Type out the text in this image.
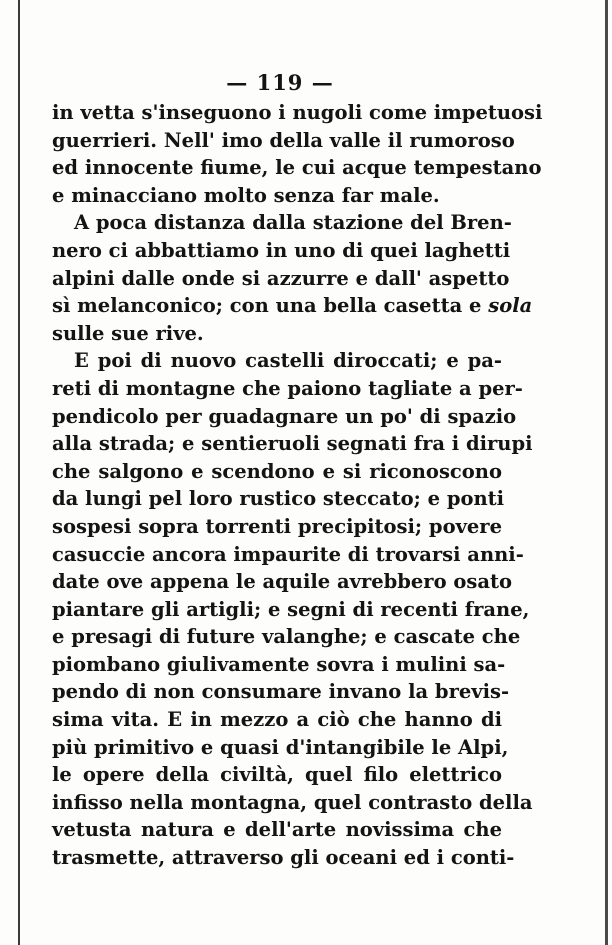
— 119 —

in vetta s'inseguono i nugoli come impetuosi
guerrieri. Nell' imo della valle il rumoroso
ed innocente fiume, le cui acque tempestano
e minacciano molto senza far male.

A poca distanza dalla stazione del Bren-
nero ci abbattiamo in uno di quei laghetti
alpini dalle onde si azzurre e dall' aspetto
sì melanconico; con una bella casetta e sola
sulle sue rive.

E poi di nuovo castelli diroccati; e pa-
reti di montagne che paiono tagliate a per-
pendicolo per guadagnare un po' di spazio
alla strada; e sentieruoli segnati fra i dirupi
che salgono e scendono e si riconoscono
da lungi pel loro rustico steccato; e ponti
sospesi sopra torrenti precipitosi; povere
casuccie ancora impaurite di trovarsi anni-
date ove appena le aquile avrebbero osato
piantare gli artigli; e segni di recenti frane,
e presagi di future valanghe; e cascate che
piombano giulivamente sovra i mulini sa-
pendo di non consumare invano la brevis-
sima vita. E in mezzo a ciò che hanno di
più primitivo e quasi d'intangibile le Alpi,
le opere della civiltà, quel filo elettrico
infisso nella montagna, quel contrasto della
vetusta natura e dell'arte novissima che
trasmette, attraverso gli oceani ed i conti-
